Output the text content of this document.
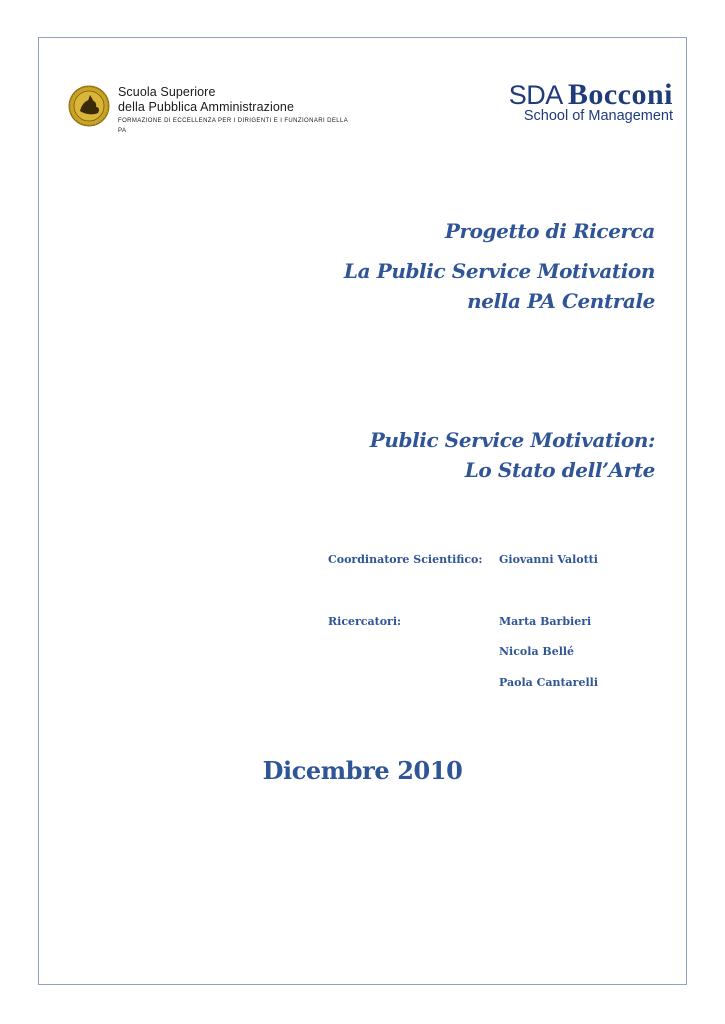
Scuola Superiore
della Pubblica Amministrazione
FORMAZIONE DI ECCELLENZA PER I DIRIGENTI E I FUNZIONARI DELLA PA
SDA Bocconi
School of Management
Progetto di Ricerca
La Public Service Motivation
nella PA Centrale
Public Service Motivation:
Lo Stato dell’Arte
Coordinatore Scientifico: Giovanni Valotti
Ricercatori:	Marta Barbieri
Nicola Bellé
Paola Cantarelli
Dicembre 2010
